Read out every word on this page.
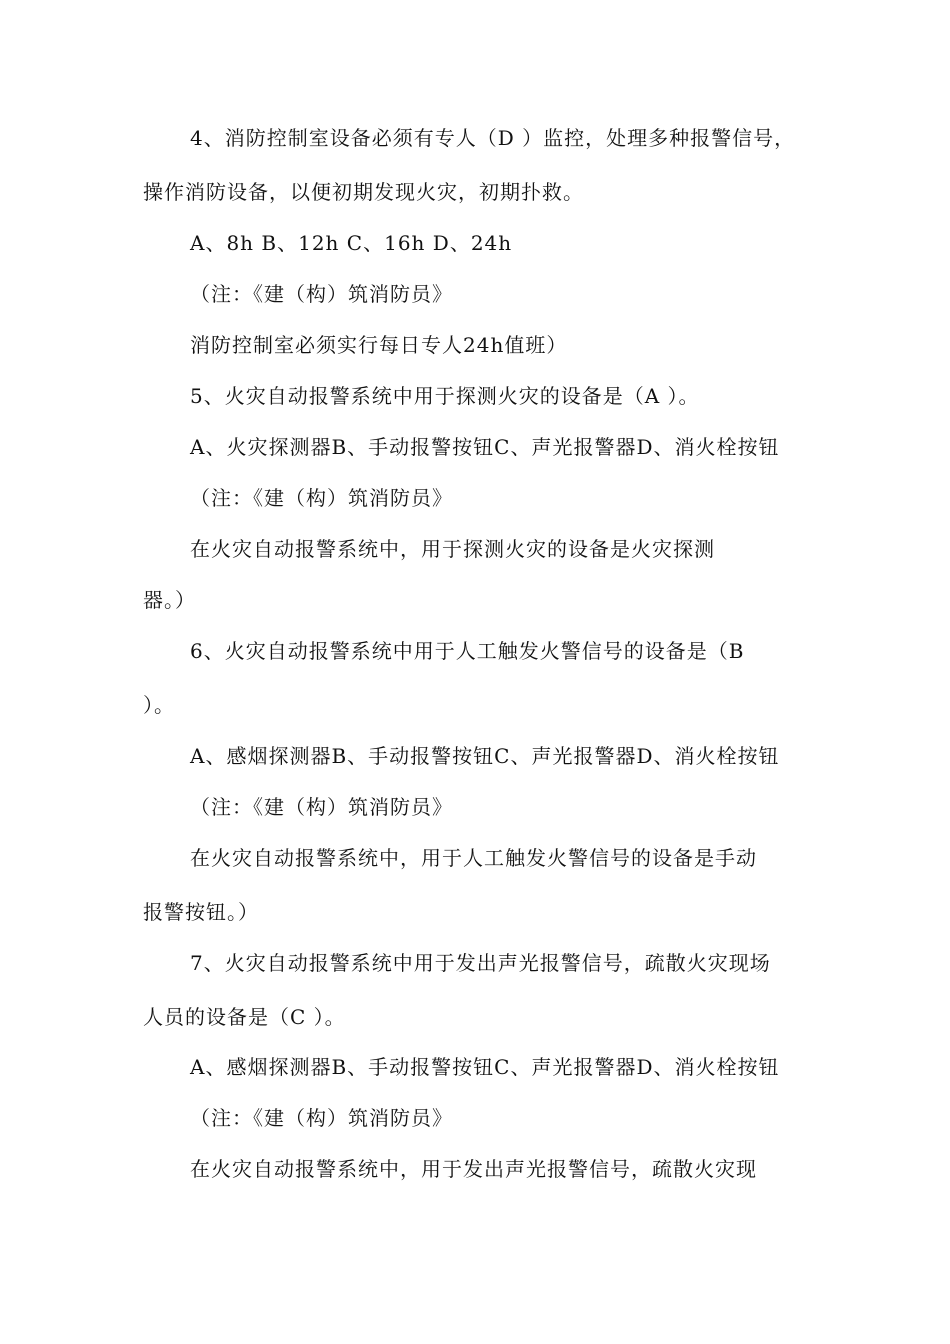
4、消防控制室设备必须有专人（D ）监控，处理多种报警信号，
操作消防设备，以便初期发现火灾，初期扑救。
A、8h B、12h C、16h D、24h
（注：《建（构）筑消防员》
消防控制室必须实行每日专人24h值班）
5、火灾自动报警系统中用于探测火灾的设备是（A ）。
A、火灾探测器B、手动报警按钮C、声光报警器D、消火栓按钮
（注：《建（构）筑消防员》
在火灾自动报警系统中，用于探测火灾的设备是火灾探测
器。）
6、火灾自动报警系统中用于人工触发火警信号的设备是（B
）。
A、感烟探测器B、手动报警按钮C、声光报警器D、消火栓按钮
（注：《建（构）筑消防员》
在火灾自动报警系统中，用于人工触发火警信号的设备是手动
报警按钮。）
7、火灾自动报警系统中用于发出声光报警信号，疏散火灾现场
人员的设备是（C ）。
A、感烟探测器B、手动报警按钮C、声光报警器D、消火栓按钮
（注：《建（构）筑消防员》
在火灾自动报警系统中，用于发出声光报警信号，疏散火灾现
